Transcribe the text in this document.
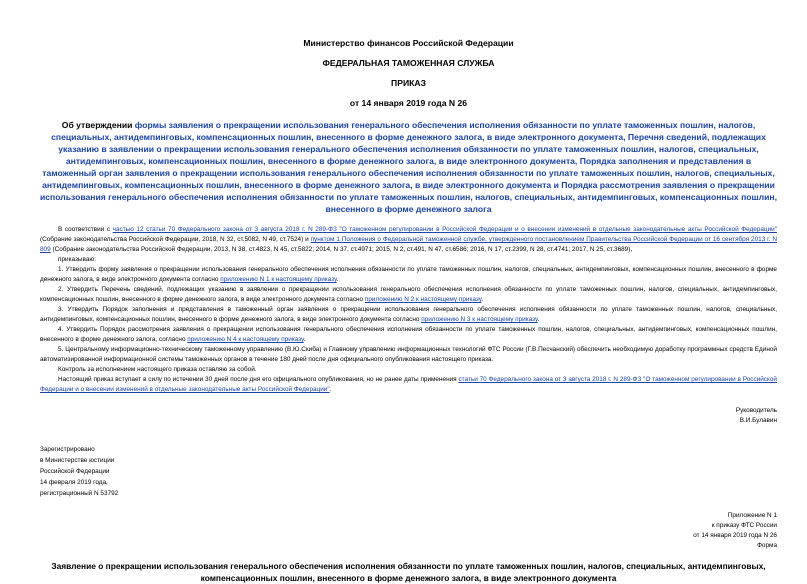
Министерство финансов Российской Федерации
ФЕДЕРАЛЬНАЯ ТАМОЖЕННАЯ СЛУЖБА
ПРИКАЗ
от 14 января 2019 года N 26
Об утверждении формы заявления о прекращении использования генерального обеспечения исполнения обязанности по уплате таможенных пошлин, налогов, специальных, антидемпинговых, компенсационных пошлин, внесенного в форме денежного залога, в виде электронного документа, Перечня сведений, подлежащих указанию в заявлении о прекращении использования генерального обеспечения исполнения обязанности по уплате таможенных пошлин, налогов, специальных, антидемпинговых, компенсационных пошлин, внесенного в форме денежного залога, в виде электронного документа, Порядка заполнения и представления в таможенный орган заявления о прекращении использования генерального обеспечения исполнения обязанности по уплате таможенных пошлин, налогов, специальных, антидемпинговых, компенсационных пошлин, внесенного в форме денежного залога, в виде электронного документа и Порядка рассмотрения заявления о прекращении использования генерального обеспечения исполнения обязанности по уплате таможенных пошлин, налогов, специальных, антидемпинговых, компенсационных пошлин, внесенного в форме денежного залога

В соответствии с частью 12 статьи 70 Федерального закона от 3 августа 2018 г. N 289-ФЗ "О таможенном регулировании в Российской Федерации и о внесении изменений в отдельные законодательные акты Российской Федерации" (Собрание законодательства Российской Федерации, 2018, N 32, ст.5082, N 49, ст.7524) и пунктом 1 Положения о Федеральной таможенной службе, утвержденного постановлением Правительства Российской Федерации от 16 сентября 2013 г. N 809 (Собрание законодательства Российской Федерации, 2013, N 38, ст.4823, N 45, ст.5822; 2014, N 37, ст.4971; 2015, N 2, ст.491, N 47, ст.6586; 2016, N 17, ст.2399, N 28, ст.4741; 2017, N 25, ст.3689),

приказываю:

1. Утвердить форму заявления о прекращении использования генерального обеспечения исполнения обязанности по уплате таможенных пошлин, налогов, специальных, антидемпинговых, компенсационных пошлин, внесенного в форме денежного залога, в виде электронного документа согласно приложению N 1 к настоящему приказу.

2. Утвердить Перечень сведений, подлежащих указанию в заявлении о прекращении использования генерального обеспечения исполнения обязанности по уплате таможенных пошлин, налогов, специальных, антидемпинговых, компенсационных пошлин, внесенного в форме денежного залога, в виде электронного документа согласно приложению N 2 к настоящему приказу.

3. Утвердить Порядок заполнения и представления в таможенный орган заявления о прекращении использования генерального обеспечения исполнения обязанности по уплате таможенных пошлин, налогов, специальных, антидемпинговых, компенсационных пошлин, внесенного в форме денежного залога, в виде электронного документа согласно приложению N 3 к настоящему приказу.

4. Утвердить Порядок рассмотрения заявления о прекращении использования генерального обеспечения исполнения обязанности по уплате таможенных пошлин, налогов, специальных, антидемпинговых, компенсационных пошлин, внесенного в форме денежного залога, согласно приложению N 4 к настоящему приказу.

5. Центральному информационно-техническому таможенному управлению (В.Ю.Скиба) и Главному управлению информационных технологий ФТС России (Г.В.Песчанский) обеспечить необходимую доработку программных средств Единой автоматизированной информационной системы таможенных органов в течение 180 дней после дня официального опубликования настоящего приказа.

Контроль за исполнением настоящего приказа оставляю за собой.

Настоящий приказ вступает в силу по истечении 30 дней после дня его официального опубликования, но не ранее даты применения статьи 70 Федерального закона от 3 августа 2018 г. N 289-ФЗ "О таможенном регулировании в Российской Федерации и о внесении изменений в отдельные законодательные акты Российской Федерации".

Руководитель
В.И.Булавин
Зарегистрировано
в Министерстве юстиции
Российской Федерации
14 февраля 2019 года,
регистрационный N 53792
Приложение N 1
к приказу ФТС России
от 14 января 2019 года N 26
Форма
Заявление о прекращении использования генерального обеспечения исполнения обязанности по уплате таможенных пошлин, налогов, специальных, антидемпинговых, компенсационных пошлин, внесенного в форме денежного залога, в виде электронного документа
